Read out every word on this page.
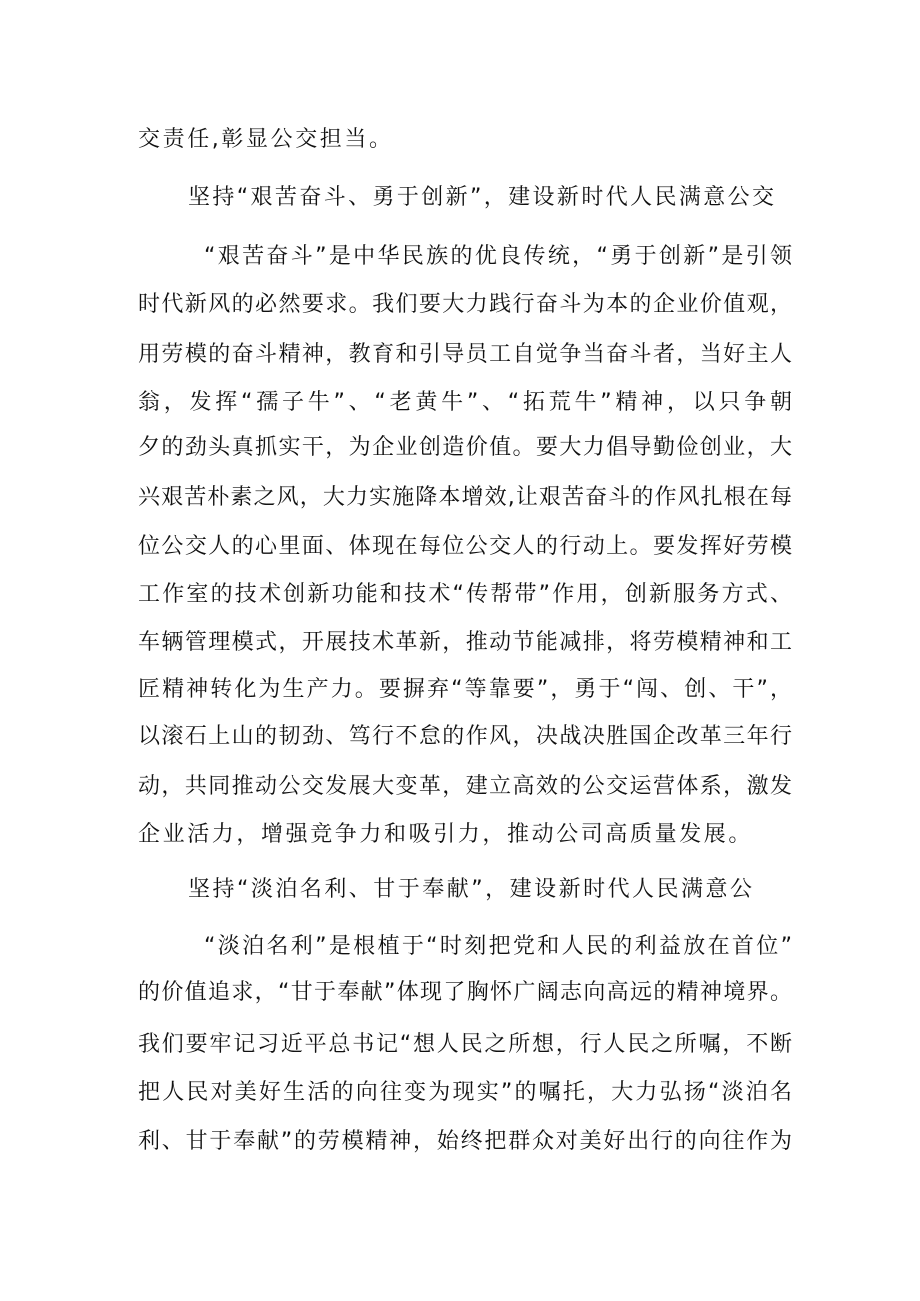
交责任,彰显公交担当。
坚持“艰苦奋斗、勇于创新”，建设新时代人民满意公交
“艰苦奋斗”是中华民族的优良传统，“勇于创新”是引领
时代新风的必然要求。我们要大力践行奋斗为本的企业价值观，
用劳模的奋斗精神，教育和引导员工自觉争当奋斗者，当好主人
翁，发挥“孺子牛”、“老黄牛”、“拓荒牛”精神，以只争朝
夕的劲头真抓实干，为企业创造价值。要大力倡导勤俭创业，大
兴艰苦朴素之风，大力实施降本增效,让艰苦奋斗的作风扎根在每
位公交人的心里面、体现在每位公交人的行动上。要发挥好劳模
工作室的技术创新功能和技术“传帮带”作用，创新服务方式、
车辆管理模式，开展技术革新，推动节能减排，将劳模精神和工
匠精神转化为生产力。要摒弃“等靠要”，勇于“闯、创、干”，
以滚石上山的韧劲、笃行不怠的作风，决战决胜国企改革三年行
动，共同推动公交发展大变革，建立高效的公交运营体系，激发
企业活力，增强竞争力和吸引力，推动公司高质量发展。
坚持“淡泊名利、甘于奉献”，建设新时代人民满意公
“淡泊名利”是根植于“时刻把党和人民的利益放在首位”
的价值追求，“甘于奉献”体现了胸怀广阔志向高远的精神境界。
我们要牢记习近平总书记“想人民之所想，行人民之所嘱，不断
把人民对美好生活的向往变为现实”的嘱托，大力弘扬“淡泊名
利、甘于奉献”的劳模精神，始终把群众对美好出行的向往作为
